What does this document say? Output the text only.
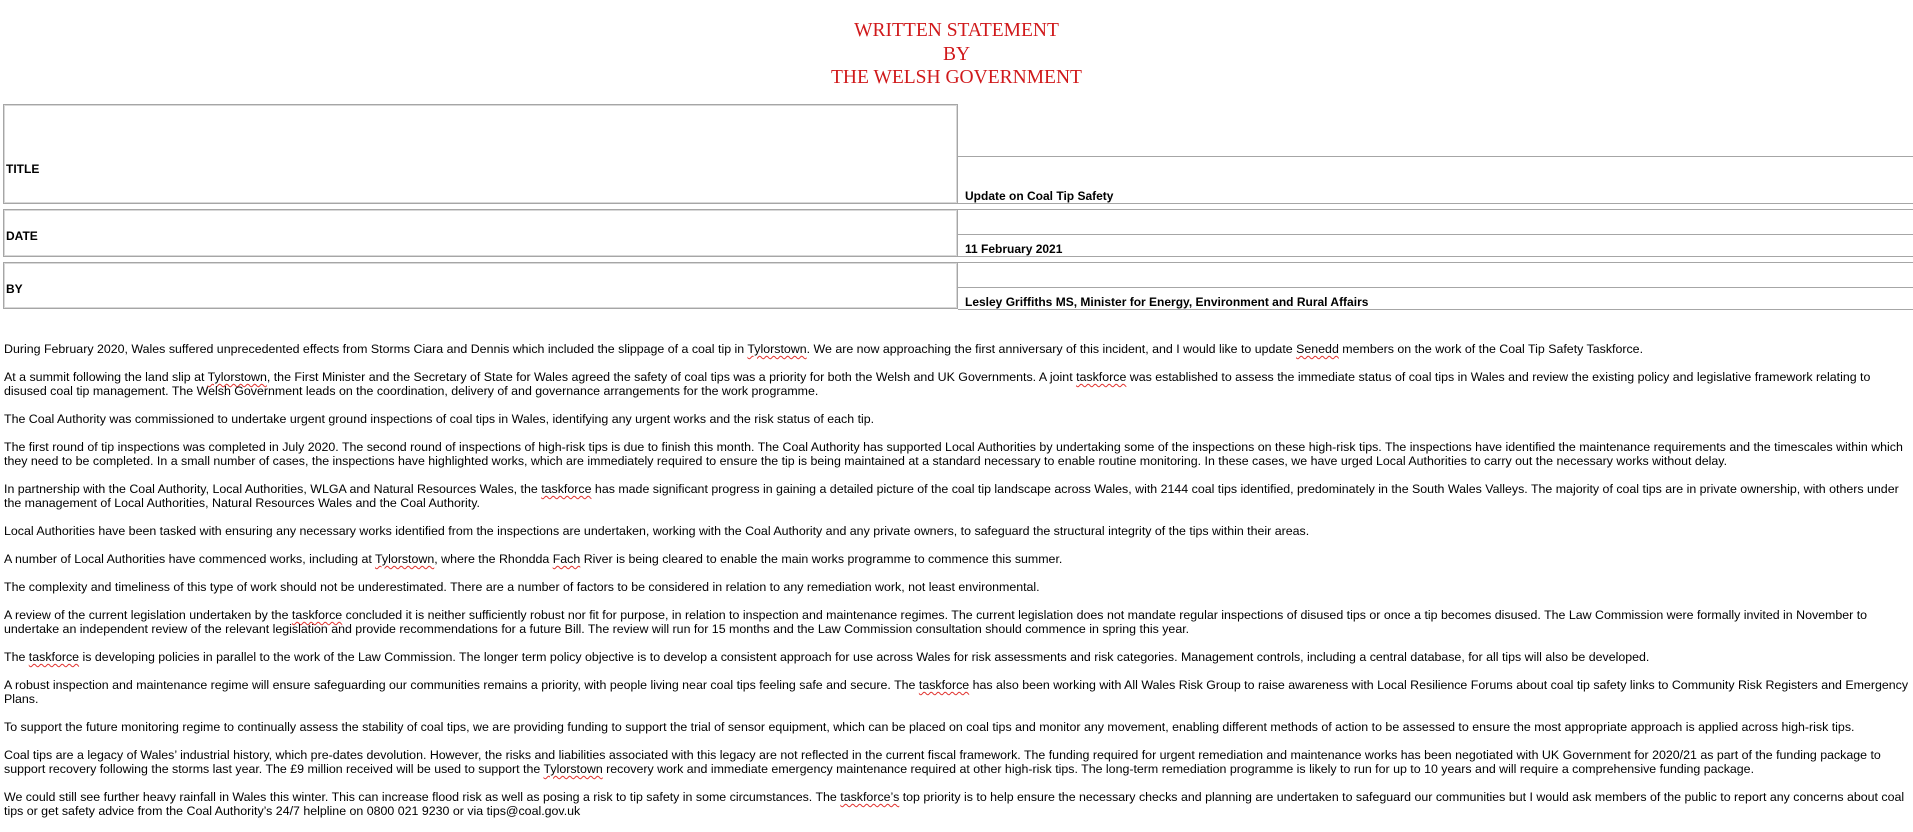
WRITTEN STATEMENT
BY
THE WELSH GOVERNMENT
TITLE
Update on Coal Tip Safety
DATE
11 February 2021
BY
Lesley Griffiths MS, Minister for Energy, Environment and Rural Affairs

During February 2020, Wales suffered unprecedented effects from Storms Ciara and Dennis which included the slippage of a coal tip in Tylorstown. We are now approaching the first anniversary of this incident, and I would like to update Senedd members on the work of the Coal Tip Safety Taskforce.

At a summit following the land slip at Tylorstown, the First Minister and the Secretary of State for Wales agreed the safety of coal tips was a priority for both the Welsh and UK Governments. A joint taskforce was established to assess the immediate status of coal tips in Wales and review the existing policy and legislative framework relating to disused coal tip management. The Welsh Government leads on the coordination, delivery of and governance arrangements for the work programme.

The Coal Authority was commissioned to undertake urgent ground inspections of coal tips in Wales, identifying any urgent works and the risk status of each tip.

The first round of tip inspections was completed in July 2020. The second round of inspections of high-risk tips is due to finish this month. The Coal Authority has supported Local Authorities by undertaking some of the inspections on these high-risk tips. The inspections have identified the maintenance requirements and the timescales within which they need to be completed. In a small number of cases, the inspections have highlighted works, which are immediately required to ensure the tip is being maintained at a standard necessary to enable routine monitoring. In these cases, we have urged Local Authorities to carry out the necessary works without delay.

In partnership with the Coal Authority, Local Authorities, WLGA and Natural Resources Wales, the taskforce has made significant progress in gaining a detailed picture of the coal tip landscape across Wales, with 2144 coal tips identified, predominately in the South Wales Valleys. The majority of coal tips are in private ownership, with others under the management of Local Authorities, Natural Resources Wales and the Coal Authority.

Local Authorities have been tasked with ensuring any necessary works identified from the inspections are undertaken, working with the Coal Authority and any private owners, to safeguard the structural integrity of the tips within their areas.

A number of Local Authorities have commenced works, including at Tylorstown, where the Rhondda Fach River is being cleared to enable the main works programme to commence this summer.

The complexity and timeliness of this type of work should not be underestimated. There are a number of factors to be considered in relation to any remediation work, not least environmental.

A review of the current legislation undertaken by the taskforce concluded it is neither sufficiently robust nor fit for purpose, in relation to inspection and maintenance regimes. The current legislation does not mandate regular inspections of disused tips or once a tip becomes disused. The Law Commission were formally invited in November to undertake an independent review of the relevant legislation and provide recommendations for a future Bill. The review will run for 15 months and the Law Commission consultation should commence in spring this year.

The taskforce is developing policies in parallel to the work of the Law Commission. The longer term policy objective is to develop a consistent approach for use across Wales for risk assessments and risk categories. Management controls, including a central database, for all tips will also be developed.

A robust inspection and maintenance regime will ensure safeguarding our communities remains a priority, with people living near coal tips feeling safe and secure. The taskforce has also been working with All Wales Risk Group to raise awareness with Local Resilience Forums about coal tip safety links to Community Risk Registers and Emergency Plans.

To support the future monitoring regime to continually assess the stability of coal tips, we are providing funding to support the trial of sensor equipment, which can be placed on coal tips and monitor any movement, enabling different methods of action to be assessed to ensure the most appropriate approach is applied across high-risk tips.

Coal tips are a legacy of Wales’ industrial history, which pre-dates devolution. However, the risks and liabilities associated with this legacy are not reflected in the current fiscal framework. The funding required for urgent remediation and maintenance works has been negotiated with UK Government for 2020/21 as part of the funding package to support recovery following the storms last year. The £9 million received will be used to support the Tylorstown recovery work and immediate emergency maintenance required at other high-risk tips. The long-term remediation programme is likely to run for up to 10 years and will require a comprehensive funding package.

We could still see further heavy rainfall in Wales this winter. This can increase flood risk as well as posing a risk to tip safety in some circumstances. The taskforce’s top priority is to help ensure the necessary checks and planning are undertaken to safeguard our communities but I would ask members of the public to report any concerns about coal tips or get safety advice from the Coal Authority’s 24/7 helpline on 0800 021 9230 or via tips@coal.gov.uk
